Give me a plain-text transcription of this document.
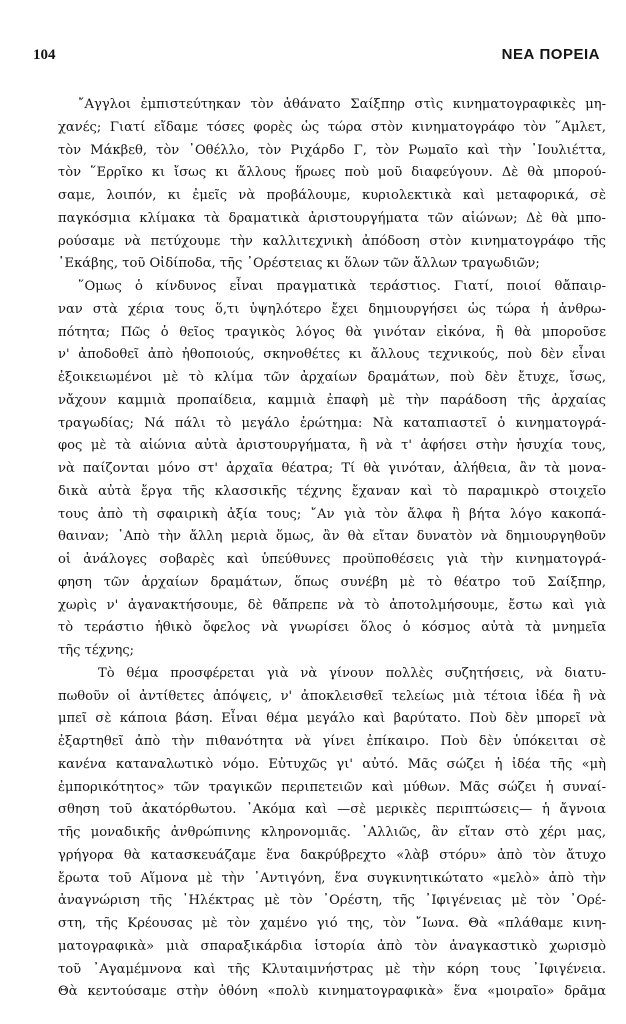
104	ΝΕΑ ΠΟΡΕΙΑ
῎Αγγλοι ἐμπιστεύτηκαν τὸν ἀθάνατο Σαίξπηρ στὶς κινηματογραφικὲς μη-
χανές; Γιατί εἴδαμε τόσες φορὲς ὡς τώρα στὸν κινηματογράφο τὸν ῞Αμλετ,
τὸν Μάκβεθ, τὸν ᾿Οθέλλο, τὸν Ριχάρδο Γ, τὸν Ρωμαῖο καὶ τὴν ᾿Ιουλιέττα,
τὸν ῞Ερρῖκο κι ἴσως κι ἄλλους ἥρωες ποὺ μοῦ διαφεύγουν. Δὲ θὰ μπορού-
σαμε, λοιπόν, κι ἐμεῖς νὰ προβάλουμε, κυριολεκτικὰ καὶ μεταφορικά, σὲ
παγκόσμια κλίμακα τὰ δραματικὰ ἀριστουργήματα τῶν αἰώνων; Δὲ θὰ μπο-
ρούσαμε νὰ πετύχουμε τὴν καλλιτεχνικὴ ἀπόδοση στὸν κινηματογράφο τῆς
῾Εκάβης, τοῦ Οἰδίποδα, τῆς ᾿Ορέστειας κι ὅλων τῶν ἄλλων τραγωδιῶν;
῞Ομως ὁ κίνδυνος εἶναι πραγματικὰ τεράστιος. Γιατί, ποιοί θἄπαιρ-
ναν στὰ χέρια τους ὅ,τι ὑψηλότερο ἔχει δημιουργήσει ὡς τώρα ἡ ἀνθρω-
πότητα; Πῶς ὁ θεῖος τραγικὸς λόγος θὰ γινόταν εἰκόνα, ἢ θὰ μποροῦσε
ν' ἀποδοθεῖ ἀπὸ ἠθοποιούς, σκηνοθέτες κι ἄλλους τεχνικούς, ποὺ δὲν εἶναι
ἐξοικειωμένοι μὲ τὸ κλίμα τῶν ἀρχαίων δραμάτων, ποὺ δὲν ἔτυχε, ἴσως,
νἄχουν καμμιὰ προπαίδεια, καμμιὰ ἐπαφὴ μὲ τὴν παράδοση τῆς ἀρχαίας
τραγωδίας; Νά πάλι τὸ μεγάλο ἐρώτημα: Νὰ καταπιαστεῖ ὁ κινηματογρά-
φος μὲ τὰ αἰώνια αὐτὰ ἀριστουργήματα, ἢ νὰ τ' ἀφήσει στὴν ἡσυχία τους,
νὰ παίζονται μόνο στ' ἀρχαῖα θέατρα; Τί θὰ γινόταν, ἀλήθεια, ἂν τὰ μονα-
δικὰ αὐτὰ ἔργα τῆς κλασσικῆς τέχνης ἔχαναν καὶ τὸ παραμικρὸ στοιχεῖο
τους ἀπὸ τὴ σφαιρικὴ ἀξία τους; ῎Αν γιὰ τὸν ἄλφα ἢ βήτα λόγο κακοπά-
θαιναν; ᾿Απὸ τὴν ἄλλη μεριὰ ὅμως, ἂν θὰ εἴταν δυνατὸν νὰ δημιουργηθοῦν
οἱ ἀνάλογες σοβαρὲς καὶ ὑπεύθυνες προϋποθέσεις γιὰ τὴν κινηματογρά-
φηση τῶν ἀρχαίων δραμάτων, ὅπως συνέβη μὲ τὸ θέατρο τοῦ Σαίξπηρ,
χωρὶς ν' ἀγανακτήσουμε, δὲ θἄπρεπε νὰ τὸ ἀποτολμήσουμε, ἔστω καὶ γιὰ
τὸ τεράστιο ἠθικὸ ὄφελος νὰ γνωρίσει ὅλος ὁ κόσμος αὐτὰ τὰ μνημεῖα
τῆς τέχνης;
Τὸ θέμα προσφέρεται γιὰ νὰ γίνουν πολλὲς συζητήσεις, νὰ διατυ-
πωθοῦν οἱ ἀντίθετες ἀπόψεις, ν' ἀποκλεισθεῖ τελείως μιὰ τέτοια ἰδέα ἢ νὰ
μπεῖ σὲ κάποια βάση. Εἶναι θέμα μεγάλο καὶ βαρύτατο. Ποὺ δὲν μπορεῖ νὰ
ἐξαρτηθεῖ ἀπὸ τὴν πιθανότητα νὰ γίνει ἐπίκαιρο. Ποὺ δὲν ὑπόκειται σὲ
κανένα καταναλωτικὸ νόμο. Εὐτυχῶς γι' αὐτό. Μᾶς σώζει ἡ ἰδέα τῆς «μὴ
ἐμπορικότητος» τῶν τραγικῶν περιπετειῶν καὶ μύθων. Μᾶς σώζει ἡ συναί-
σθηση τοῦ ἀκατόρθωτου. ᾿Ακόμα καὶ —σὲ μερικὲς περιπτώσεις— ἡ ἄγνοια
τῆς μοναδικῆς ἀνθρώπινης κληρονομιᾶς. ᾿Αλλιῶς, ἂν εἴταν στὸ χέρι μας,
γρήγορα θὰ κατασκευάζαμε ἕνα δακρύβρεχτο «λὰβ στόρυ» ἀπὸ τὸν ἄτυχο
ἔρωτα τοῦ Αἵμονα μὲ τὴν ᾿Αντιγόνη, ἕνα συγκινητικώτατο «μελὸ» ἀπὸ τὴν
ἀναγνώριση τῆς ᾿Ηλέκτρας μὲ τὸν ᾿Ορέστη, τῆς ᾿Ιφιγένειας μὲ τὸν ᾿Ορέ-
στη, τῆς Κρέουσας μὲ τὸν χαμένο γιό της, τὸν ῎Ιωνα. Θὰ «πλάθαμε κινη-
ματογραφικὰ» μιὰ σπαραξικάρδια ἱστορία ἀπὸ τὸν ἀναγκαστικὸ χωρισμὸ
τοῦ ᾿Αγαμέμνονα καὶ τῆς Κλυταιμνήστρας μὲ τὴν κόρη τους ᾿Ιφιγένεια.
Θὰ κεντούσαμε στὴν ὀθόνη «πολὺ κινηματογραφικὰ» ἕνα «μοιραῖο» δρᾶμα
